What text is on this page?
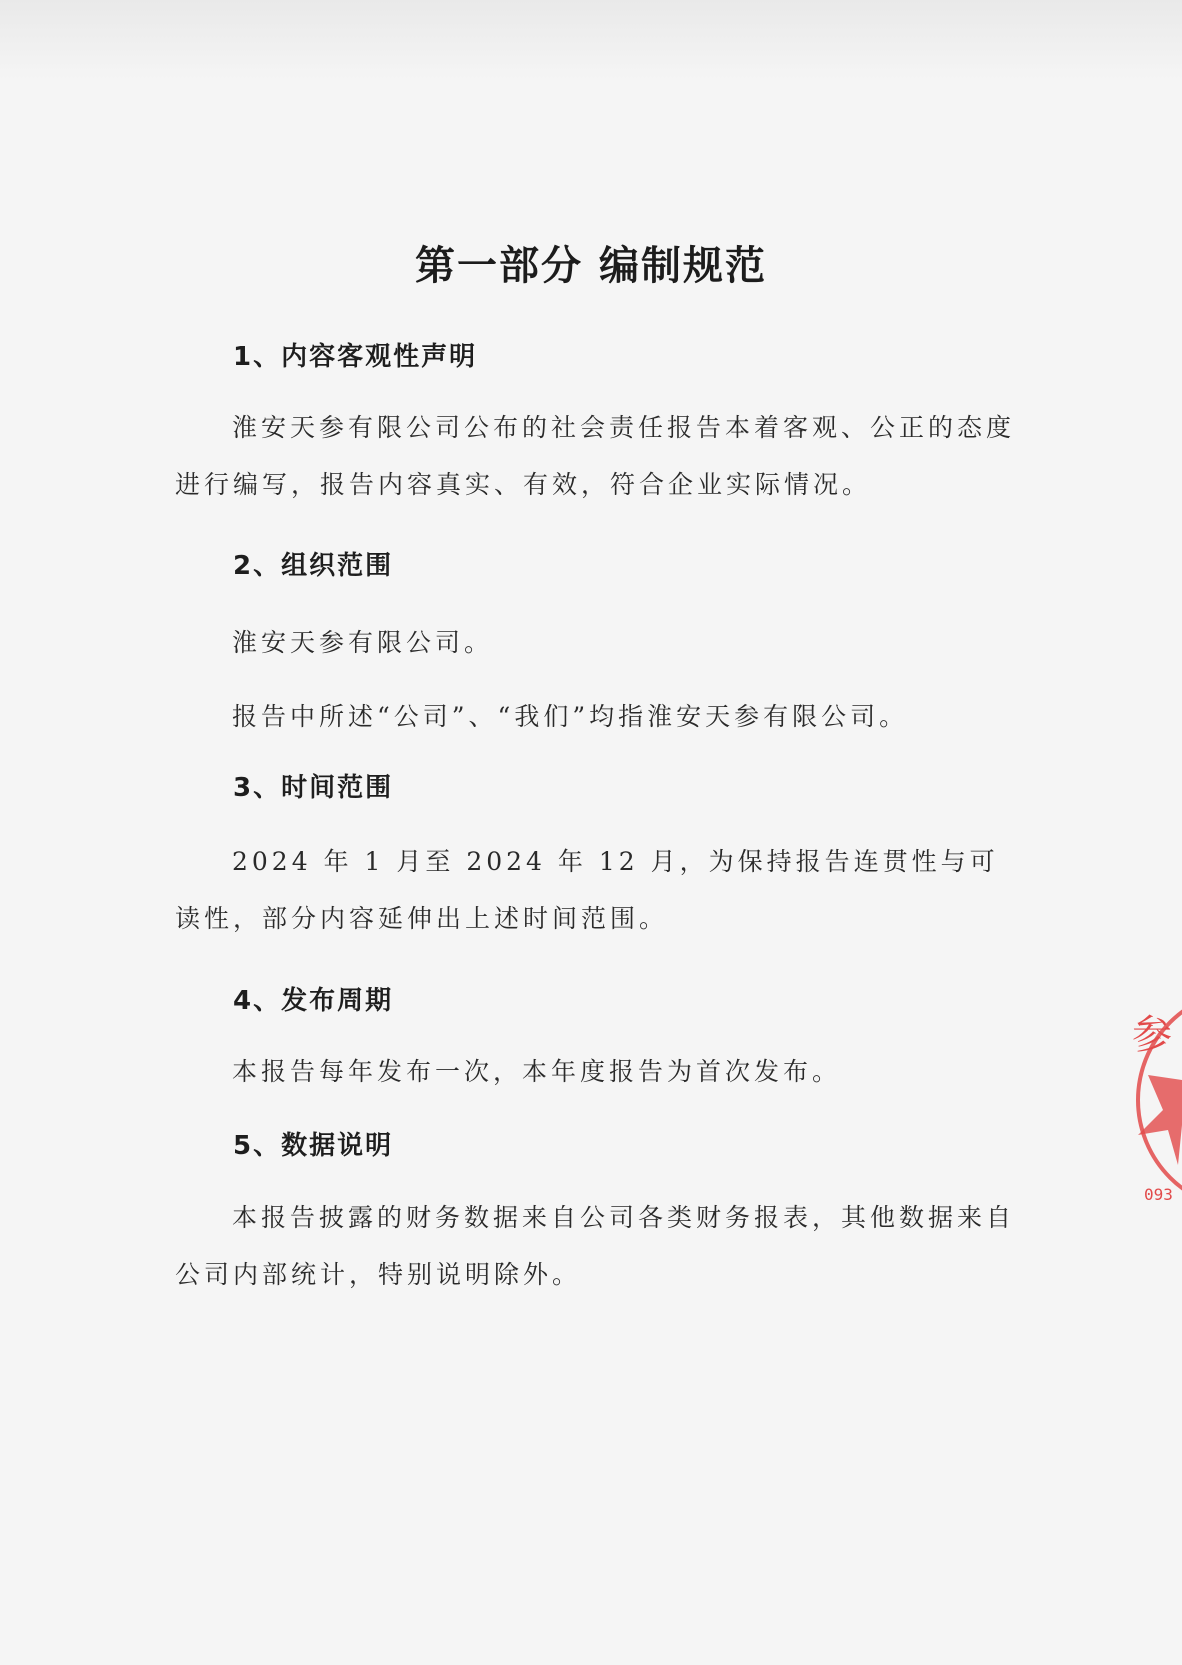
第一部分 编制规范
1、内容客观性声明
淮安天参有限公司公布的社会责任报告本着客观、公正的态度进行编写，报告内容真实、有效，符合企业实际情况。
2、组织范围
淮安天参有限公司。
报告中所述“公司”、“我们”均指淮安天参有限公司。
3、时间范围
2024 年 1 月至 2024 年 12 月，为保持报告连贯性与可读性，部分内容延伸出上述时间范围。
4、发布周期
本报告每年发布一次，本年度报告为首次发布。
5、数据说明
本报告披露的财务数据来自公司各类财务报表，其他数据来自公司内部统计，特别说明除外。
参
093
